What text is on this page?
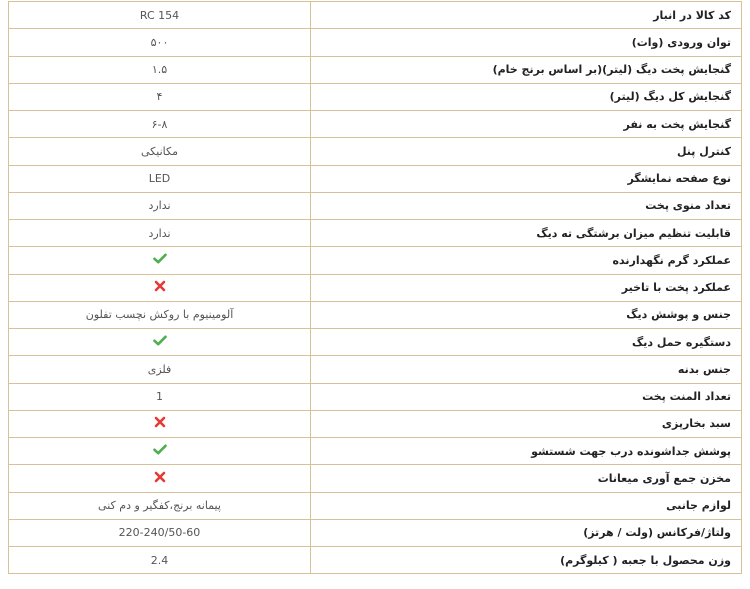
RC 154	کد کالا در انبار
۵۰۰	توان ورودی (وات)
۱.۵	گنجایش پخت دیگ (لیتر)(بر اساس برنج خام)
۴	گنجایش کل دیگ (لیتر)
۶-۸	گنجایش پخت به نفر
مکانیکی	کنترل پنل
LED	نوع صفحه نمایشگر
ندارد	تعداد منوی پخت
ندارد	قابلیت تنظیم میزان برشتگی ته دیگ
	عملکرد گرم نگهدارنده
	عملکرد پخت با تاخیر
آلومینیوم با روکش نچسب تفلون	جنس و پوشش دیگ
	دستگیره حمل دیگ
فلزی	جنس بدنه
1	تعداد المنت پخت
	سبد بخارپزی
	پوشش جداشونده درب جهت شستشو
	مخزن جمع آوری میعانات
پیمانه برنج،کفگیر و دم کنی	لوازم جانبی
220-240/50-60	ولتاژ/فرکانس (ولت / هرتز)
2.4	وزن محصول با جعبه ( کیلوگرم)
